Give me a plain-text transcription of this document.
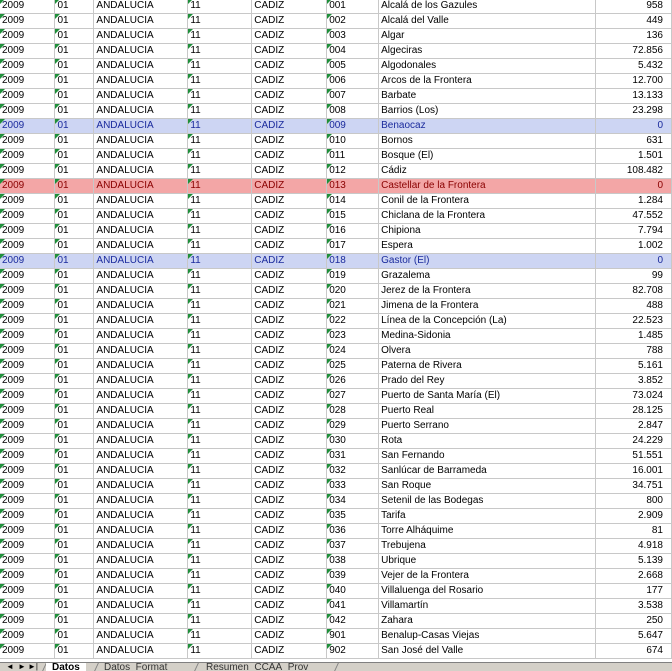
2009	01	ANDALUCIA	11	CADIZ	001	Alcalá de los Gazules	958
2009	01	ANDALUCIA	11	CADIZ	002	Alcalá del Valle	449
2009	01	ANDALUCIA	11	CADIZ	003	Algar	136
2009	01	ANDALUCIA	11	CADIZ	004	Algeciras	72.856
2009	01	ANDALUCIA	11	CADIZ	005	Algodonales	5.432
2009	01	ANDALUCIA	11	CADIZ	006	Arcos de la Frontera	12.700
2009	01	ANDALUCIA	11	CADIZ	007	Barbate	13.133
2009	01	ANDALUCIA	11	CADIZ	008	Barrios (Los)	23.298
2009	01	ANDALUCIA	11	CADIZ	009	Benaocaz	0
2009	01	ANDALUCIA	11	CADIZ	010	Bornos	631
2009	01	ANDALUCIA	11	CADIZ	011	Bosque (El)	1.501
2009	01	ANDALUCIA	11	CADIZ	012	Cádiz	108.482
2009	01	ANDALUCIA	11	CADIZ	013	Castellar de la Frontera	0
2009	01	ANDALUCIA	11	CADIZ	014	Conil de la Frontera	1.284
2009	01	ANDALUCIA	11	CADIZ	015	Chiclana de la Frontera	47.552
2009	01	ANDALUCIA	11	CADIZ	016	Chipiona	7.794
2009	01	ANDALUCIA	11	CADIZ	017	Espera	1.002
2009	01	ANDALUCIA	11	CADIZ	018	Gastor (El)	0
2009	01	ANDALUCIA	11	CADIZ	019	Grazalema	99
2009	01	ANDALUCIA	11	CADIZ	020	Jerez de la Frontera	82.708
2009	01	ANDALUCIA	11	CADIZ	021	Jimena de la Frontera	488
2009	01	ANDALUCIA	11	CADIZ	022	Línea de la Concepción (La)	22.523
2009	01	ANDALUCIA	11	CADIZ	023	Medina-Sidonia	1.485
2009	01	ANDALUCIA	11	CADIZ	024	Olvera	788
2009	01	ANDALUCIA	11	CADIZ	025	Paterna de Rivera	5.161
2009	01	ANDALUCIA	11	CADIZ	026	Prado del Rey	3.852
2009	01	ANDALUCIA	11	CADIZ	027	Puerto de Santa María (El)	73.024
2009	01	ANDALUCIA	11	CADIZ	028	Puerto Real	28.125
2009	01	ANDALUCIA	11	CADIZ	029	Puerto Serrano	2.847
2009	01	ANDALUCIA	11	CADIZ	030	Rota	24.229
2009	01	ANDALUCIA	11	CADIZ	031	San Fernando	51.551
2009	01	ANDALUCIA	11	CADIZ	032	Sanlúcar de Barrameda	16.001
2009	01	ANDALUCIA	11	CADIZ	033	San Roque	34.751
2009	01	ANDALUCIA	11	CADIZ	034	Setenil de las Bodegas	800
2009	01	ANDALUCIA	11	CADIZ	035	Tarifa	2.909
2009	01	ANDALUCIA	11	CADIZ	036	Torre Alháquime	81
2009	01	ANDALUCIA	11	CADIZ	037	Trebujena	4.918
2009	01	ANDALUCIA	11	CADIZ	038	Ubrique	5.139
2009	01	ANDALUCIA	11	CADIZ	039	Vejer de la Frontera	2.668
2009	01	ANDALUCIA	11	CADIZ	040	Villaluenga del Rosario	177
2009	01	ANDALUCIA	11	CADIZ	041	Villamartín	3.538
2009	01	ANDALUCIA	11	CADIZ	042	Zahara	250
2009	01	ANDALUCIA	11	CADIZ	901	Benalup-Casas Viejas	5.647
2009	01	ANDALUCIA	11	CADIZ	902	San José del Valle	674
◄ ► ►|	Datos	Datos_Format	Resumen_CCAA_Prov
